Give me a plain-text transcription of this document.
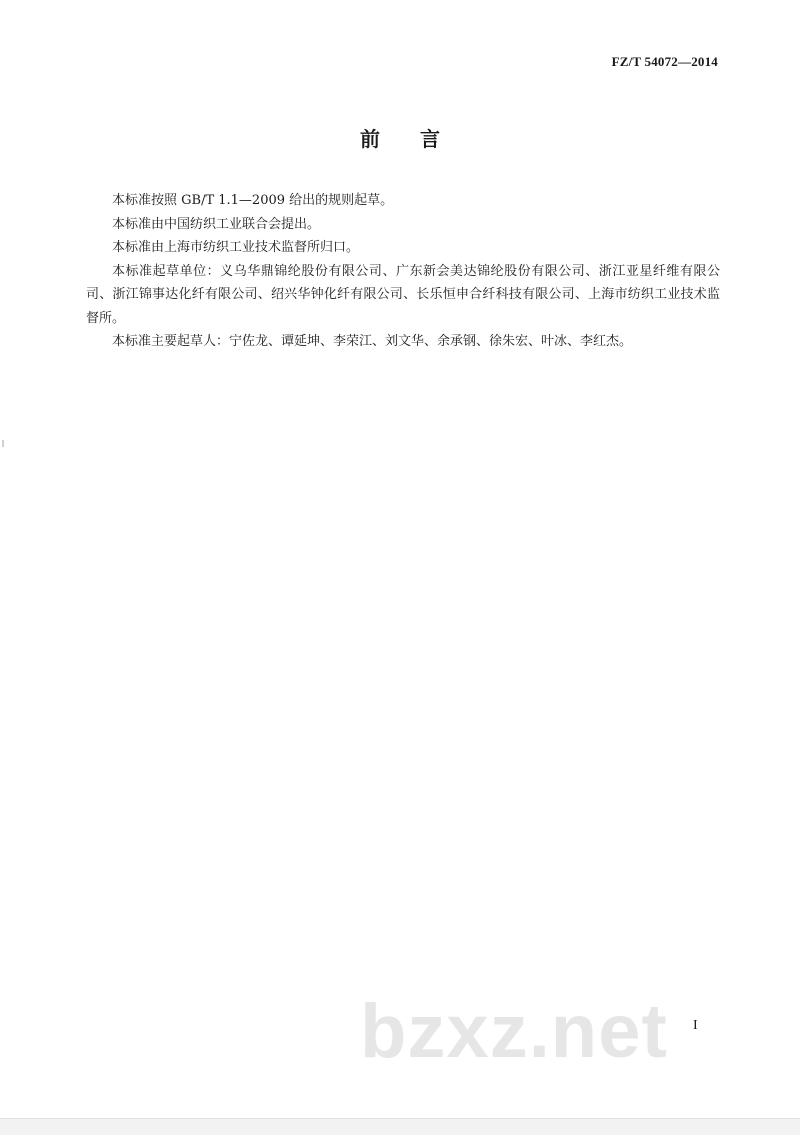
FZ/T 54072—2014
前言

本标准按照 GB/T 1.1—2009 给出的规则起草。

本标准由中国纺织工业联合会提出。

本标准由上海市纺织工业技术监督所归口。

本标准起草单位：义乌华鼎锦纶股份有限公司、广东新会美达锦纶股份有限公司、浙江亚星纤维有限公司、浙江锦事达化纤有限公司、绍兴华钟化纤有限公司、长乐恒申合纤科技有限公司、上海市纺织工业技术监督所。

本标准主要起草人：宁佐龙、谭延坤、李荣江、刘文华、余承钢、徐朱宏、叶冰、李红杰。

bzxz.net I
